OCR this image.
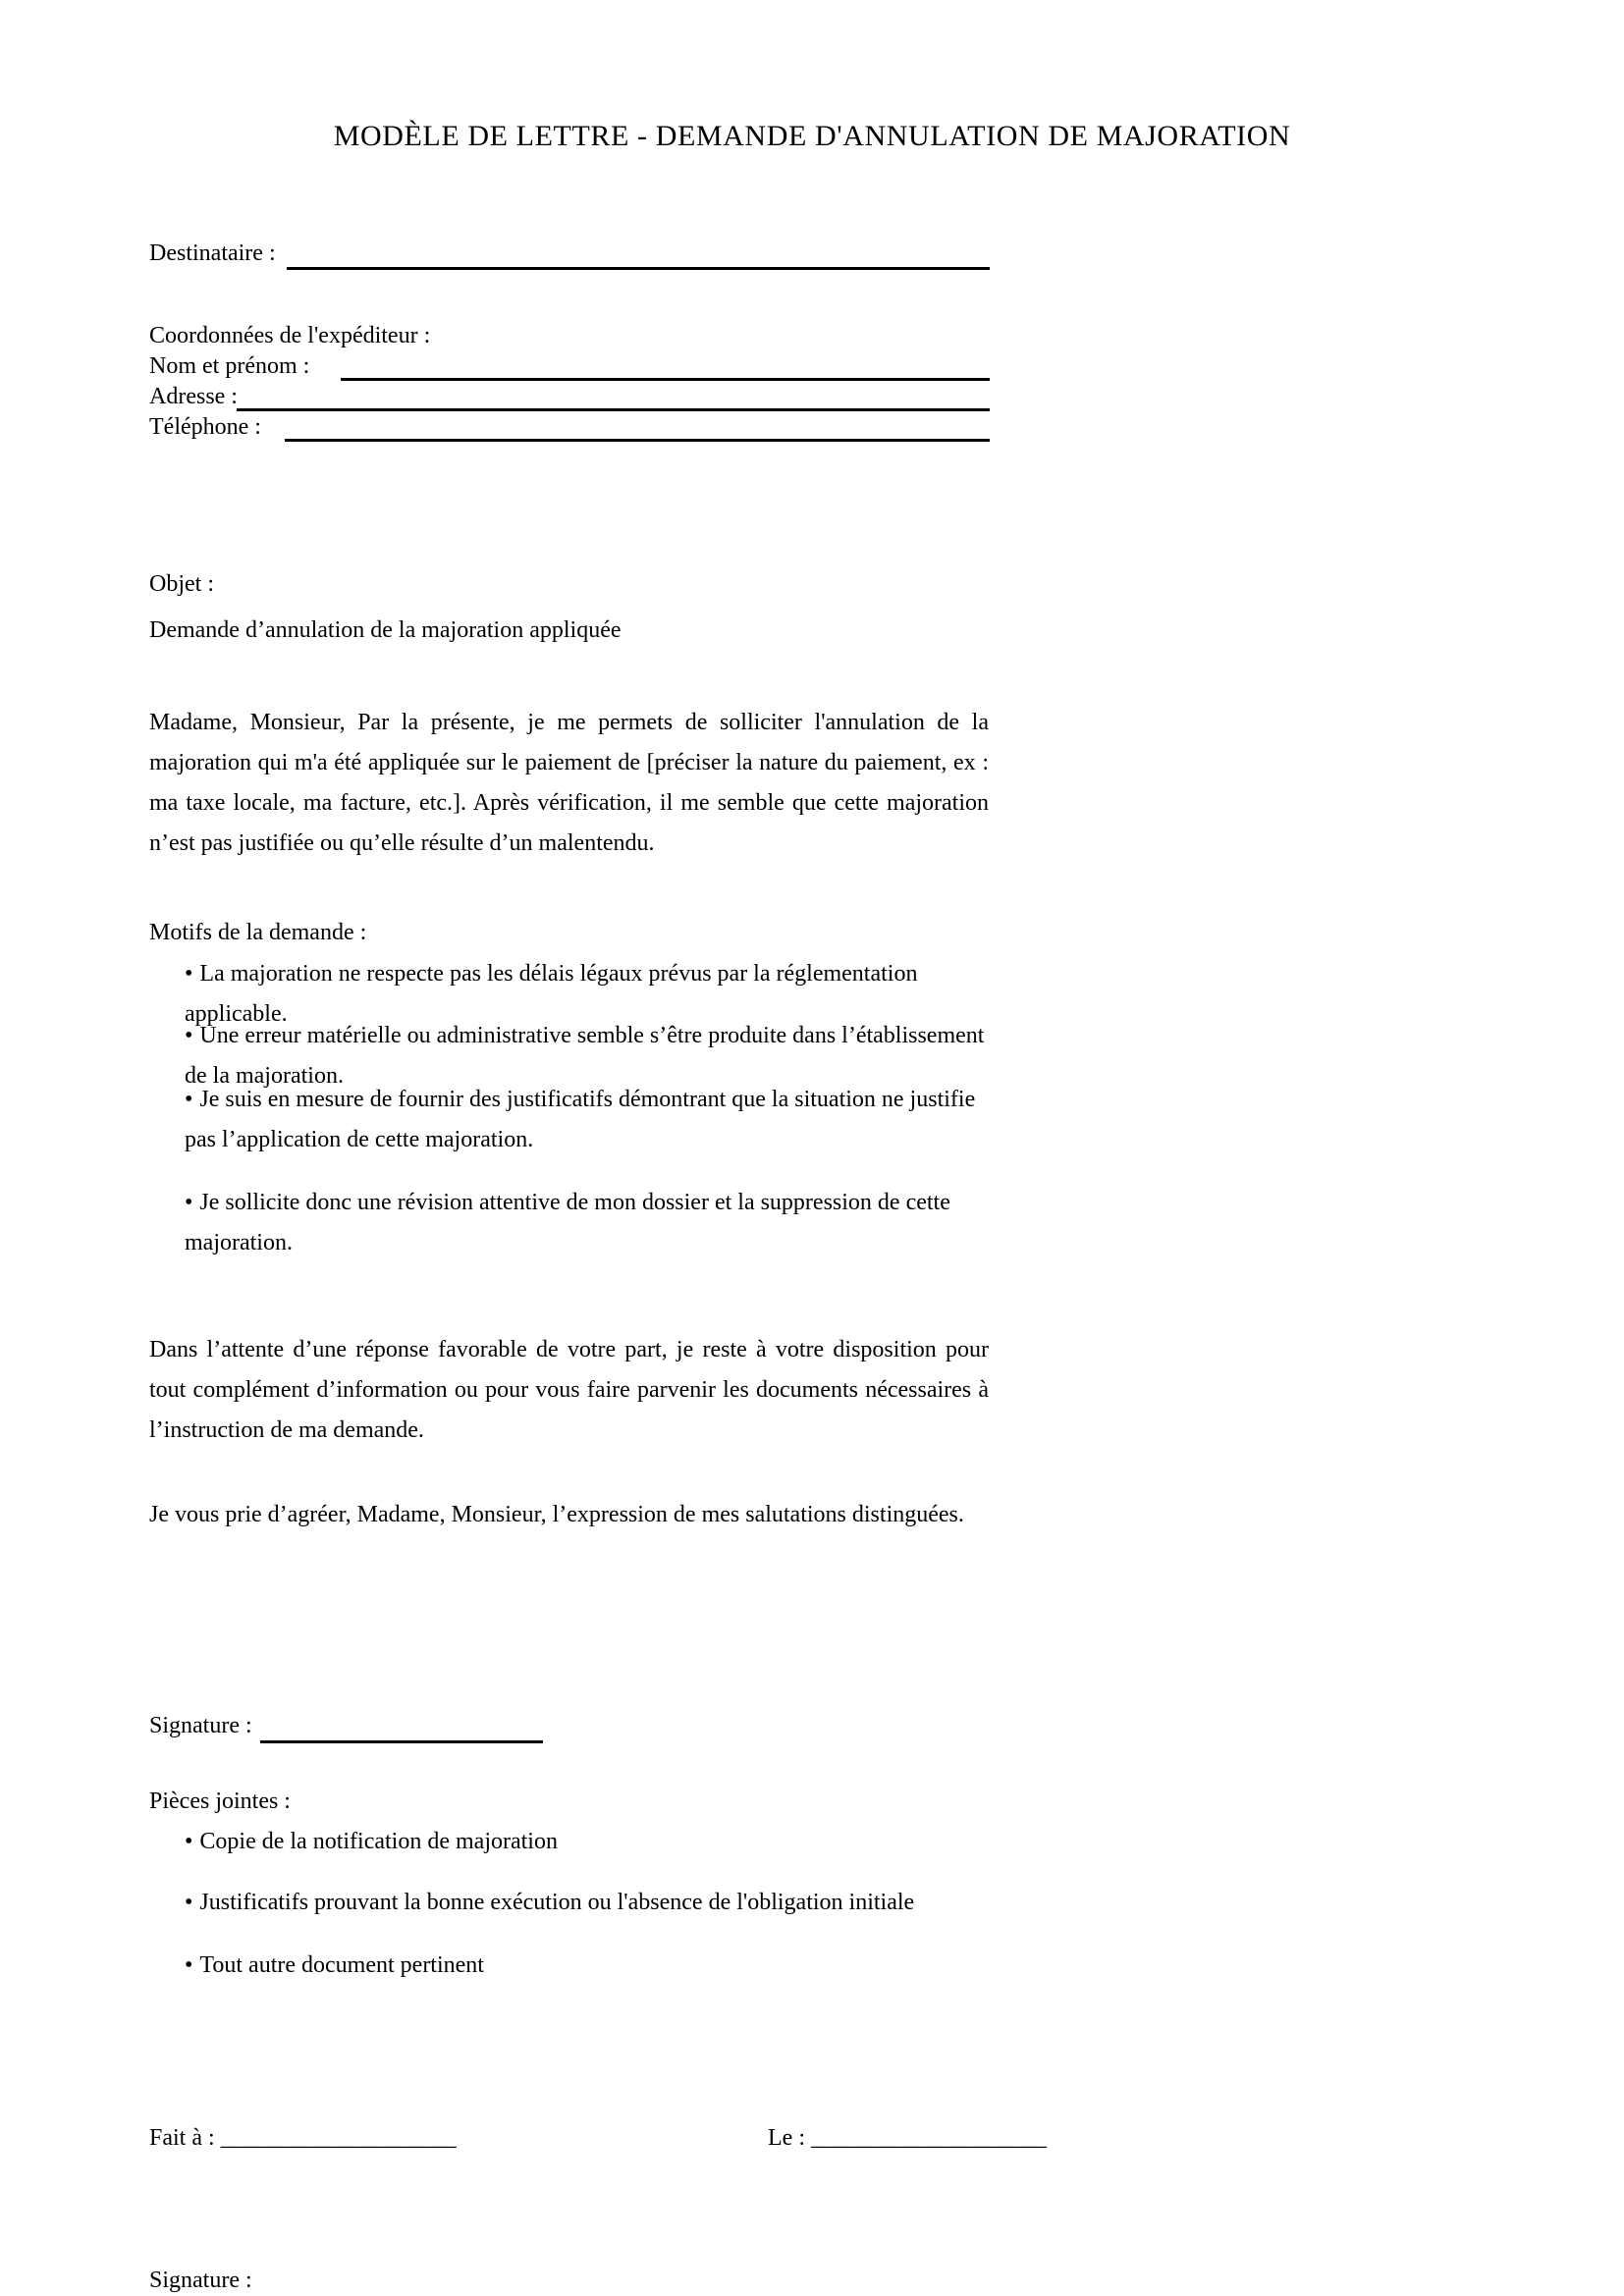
MODÈLE DE LETTRE - DEMANDE D'ANNULATION DE MAJORATION
Destinataire :
Coordonnées de l'expéditeur :
Nom et prénom :
Adresse :
Téléphone :
Objet :
Demande d’annulation de la majoration appliquée
Madame, Monsieur, Par la présente, je me permets de solliciter l'annulation de la majoration qui m'a été appliquée sur le paiement de [préciser la nature du paiement, ex : ma taxe locale, ma facture, etc.]. Après vérification, il me semble que cette majoration n’est pas justifiée ou qu’elle résulte d’un malentendu.
Motifs de la demande :
• La majoration ne respecte pas les délais légaux prévus par la réglementation applicable.
• Une erreur matérielle ou administrative semble s’être produite dans l’établissement de la majoration.
• Je suis en mesure de fournir des justificatifs démontrant que la situation ne justifie pas l’application de cette majoration.
• Je sollicite donc une révision attentive de mon dossier et la suppression de cette majoration.
Dans l’attente d’une réponse favorable de votre part, je reste à votre disposition pour tout complément d’information ou pour vous faire parvenir les documents nécessaires à l’instruction de ma demande.
Je vous prie d’agréer, Madame, Monsieur, l’expression de mes salutations distinguées.
Signature :
Pièces jointes :
• Copie de la notification de majoration
• Justificatifs prouvant la bonne exécution ou l'absence de l'obligation initiale
• Tout autre document pertinent
Fait à : ____________________	Le : ____________________
Signature :
